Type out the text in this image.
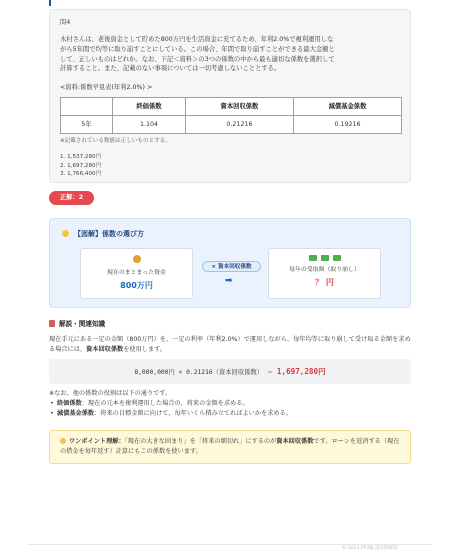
問4
木村さんは、老後資金として貯めた800万円を生活資金に充てるため、年利2.0%で複利運用しながら5年間で均等に取り崩すことにしている。この場合、年間で取り崩すことができる最大金額として、正しいものはどれか。なお、下記＜資料＞の3つの係数の中から最も適切な係数を選択して計算すること。また、記載のない事項については一切考慮しないこととする。
<資料:係数早見表(年利2.0%) >
	終価係数	資本回収係数	減債基金係数
5年	1.104	0.21216	0.19216
※記載されている数値は正しいものとする。
1. 1,537,280円
2. 1,697,280円
3. 1,766,400円
正解：2
【図解】係数の選び方
現在のまとまった資金
800万円
× 資本回収係数
➡
毎年の受取額（取り崩し）
？ 円
解説・関連知識
現在手元にある一定の金額（800万円）を、一定の利率（年利2.0%）で運用しながら、毎年均等に取り崩して受け取る金額を求める場合には、資本回収係数を使用します。
8,000,000円 × 0.21216（資本回収係数） ＝ 1,697,280円
※なお、他の係数の役割は以下の通りです。
• 終価係数：現在の元本を複利運用した場合の、将来の金額を求める。
• 減債基金係数：将来の目標金額に向けて、毎年いくら積み立てればよいかを求める。
ワンポイント理解：「現在の大きな固まり」を「将来の細切れ」にするのが資本回収係数です。ローンを返済する（現在の借金を毎年返す）計算にもこの係数を使います。
© 2024 FP3級 過去問解説
